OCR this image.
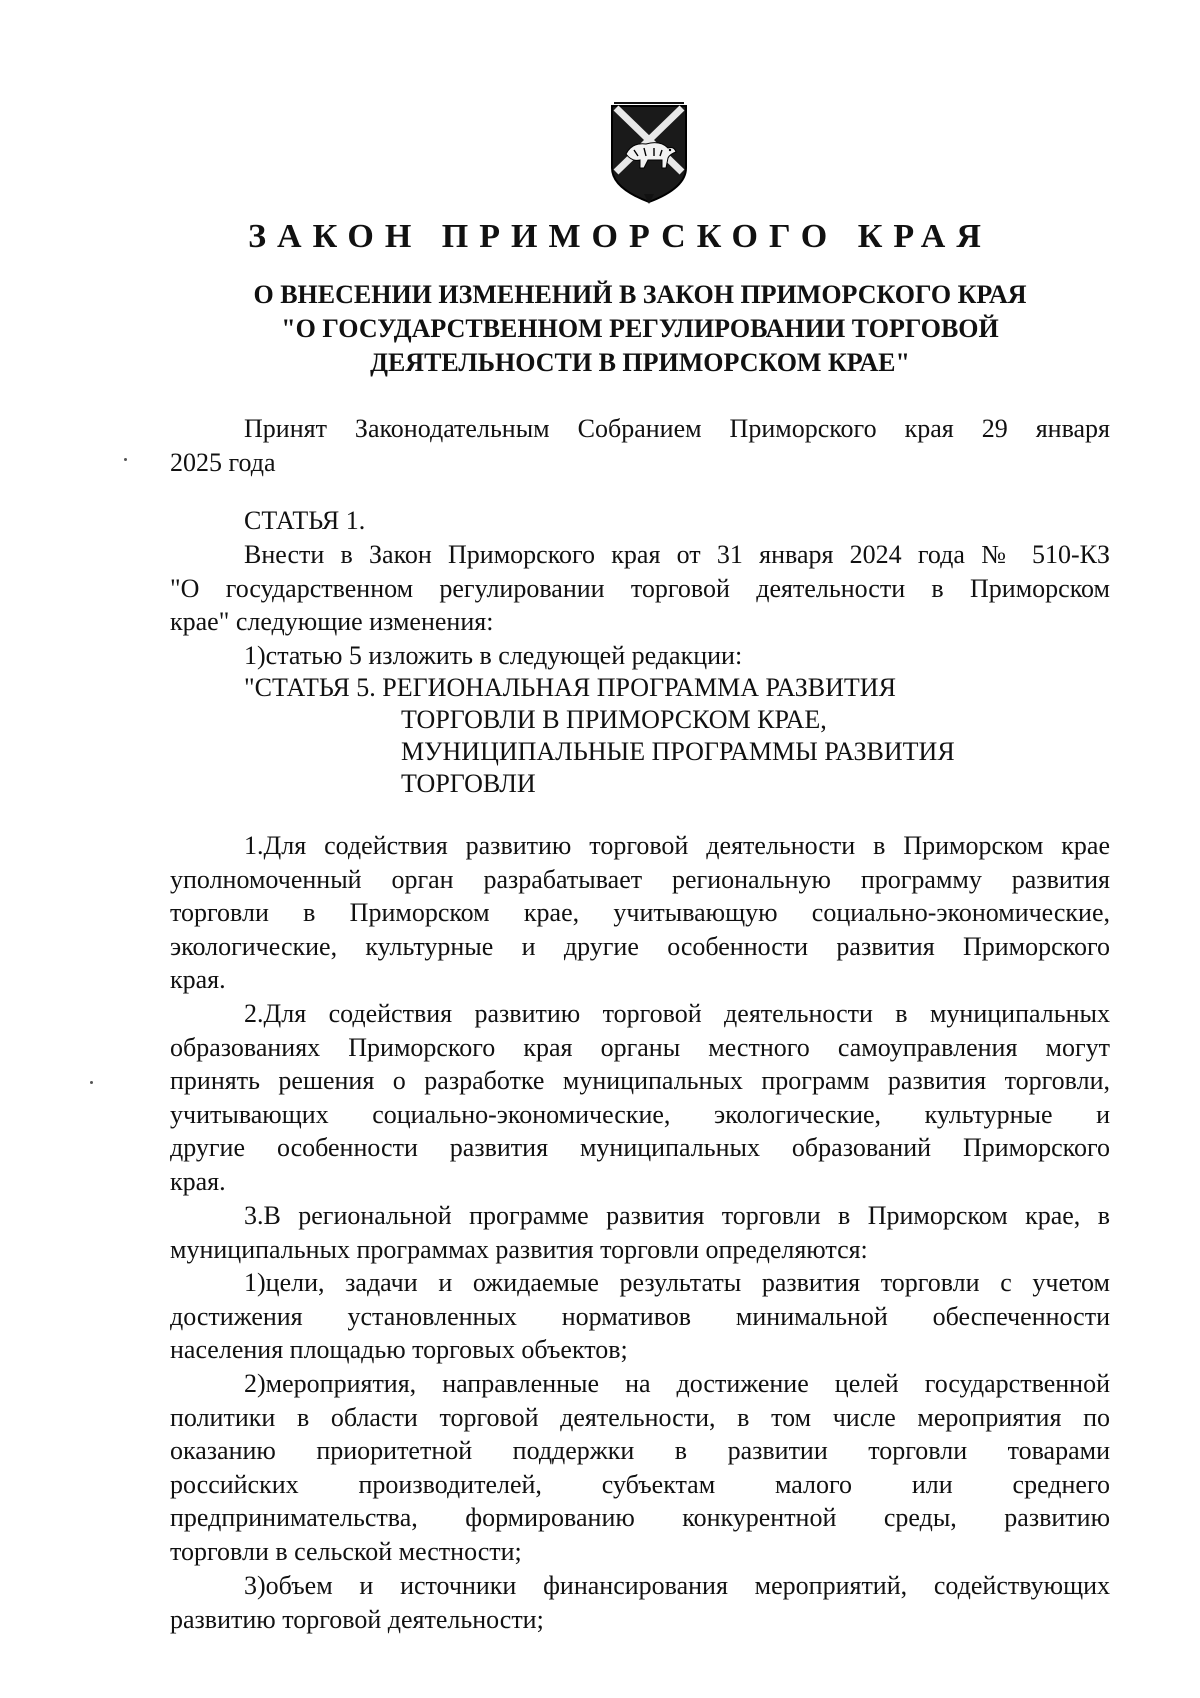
ЗАКОН ПРИМОРСКОГО КРАЯ
О ВНЕСЕНИИ ИЗМЕНЕНИЙ В ЗАКОН ПРИМОРСКОГО КРАЯ
"О ГОСУДАРСТВЕННОМ РЕГУЛИРОВАНИИ ТОРГОВОЙ
ДЕЯТЕЛЬНОСТИ В ПРИМОРСКОМ КРАЕ"
Принят Законодательным Собранием Приморского края 29 января
2025 года
СТАТЬЯ 1.
Внести в Закон Приморского края от 31 января 2024 года № 510-КЗ
"О государственном регулировании торговой деятельности в Приморском
крае" следующие изменения:
1)статью 5 изложить в следующей редакции:
"СТАТЬЯ 5. РЕГИОНАЛЬНАЯ ПРОГРАММА РАЗВИТИЯ
ТОРГОВЛИ В ПРИМОРСКОМ КРАЕ,
МУНИЦИПАЛЬНЫЕ ПРОГРАММЫ РАЗВИТИЯ
ТОРГОВЛИ
1.Для содействия развитию торговой деятельности в Приморском крае
уполномоченный орган разрабатывает региональную программу развития
торговли в Приморском крае, учитывающую социально-экономические,
экологические, культурные и другие особенности развития Приморского
края.
2.Для содействия развитию торговой деятельности в муниципальных
образованиях Приморского края органы местного самоуправления могут
принять решения о разработке муниципальных программ развития торговли,
учитывающих социально-экономические, экологические, культурные и
другие особенности развития муниципальных образований Приморского
края.
3.В региональной программе развития торговли в Приморском крае, в
муниципальных программах развития торговли определяются:
1)цели, задачи и ожидаемые результаты развития торговли с учетом
достижения установленных нормативов минимальной обеспеченности
населения площадью торговых объектов;
2)мероприятия, направленные на достижение целей государственной
политики в области торговой деятельности, в том числе мероприятия по
оказанию приоритетной поддержки в развитии торговли товарами
российских производителей, субъектам малого или среднего
предпринимательства, формированию конкурентной среды, развитию
торговли в сельской местности;
3)объем и источники финансирования мероприятий, содействующих
развитию торговой деятельности;
